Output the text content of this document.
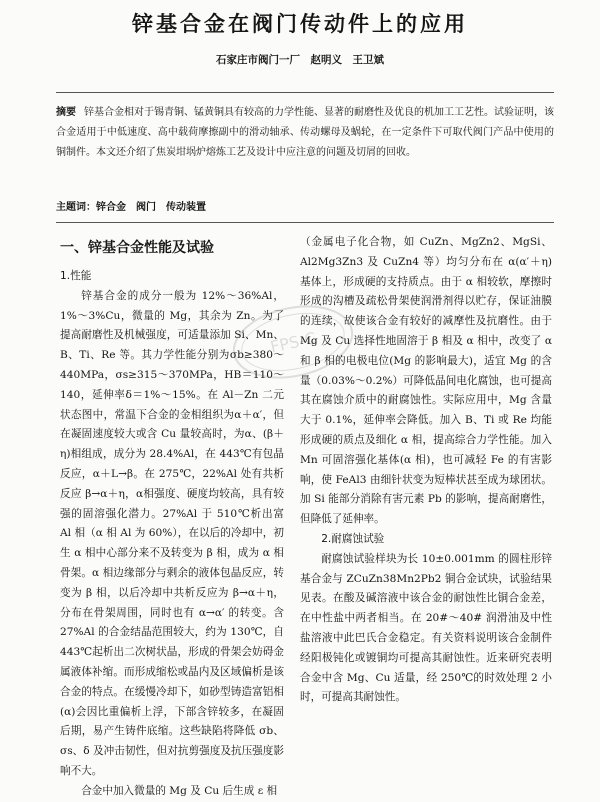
锌基合金在阀门传动件上的应用
石家庄市阀门一厂　赵明义　王卫斌
摘要 锌基合金相对于锡青铜、锰黄铜具有较高的力学性能、显著的耐磨性及优良的机加工工艺性。试验证明，该合金适用于中低速度、高中载荷摩擦副中的滑动轴承、传动螺母及蜗轮，在一定条件下可取代阀门产品中使用的铜制件。本文还介绍了焦炭坩埚炉熔炼工艺及设计中应注意的问题及切屑的回收。
主题词：锌合金　阀门　传动装置
FPS-C

一、锌基合金性能及试验

1.性能

锌基合金的成分一般为 12%～36%Al，1%～3%Cu，微量的 Mg，其余为 Zn。为了提高耐磨性及机械强度，可适量添加 Si、Mn、B、Ti、Re 等。其力学性能分别为σb≥380～440MPa，σs≥315～370MPa，HB＝110～140，延伸率δ＝1%～15%。在 Al－Zn 二元状态图中，常温下合金的金相组织为α＋α′，但在凝固速度较大或含 Cu 量较高时，为α、(β＋η)相组成，成分为 28.4%Al，在 443℃有包晶反应，α＋L→β。在 275℃，22%Al 处有共析反应 β→α＋η，α相强度、硬度均较高，具有较强的固溶强化潜力。27%Al 于 510℃析出富 Al 相（α 相 Al 为 60%），在以后的冷却中，初生 α 相中心部分来不及转变为 β 相，成为 α 相骨架。α 相边缘部分与剩余的液体包晶反应，转变为 β 相，以后冷却中共析反应为 β→α＋η，分布在骨架周围，同时也有 α→α′ 的转变。含 27%Al 的合金结晶范围较大，约为 130℃，自 443℃起析出二次树状晶，形成的骨架会妨碍金属液体补缩。而形成缩松或晶内及区域偏析是该合金的特点。在缓慢冷却下，如砂型铸造富铝相(α)会因比重偏析上浮，下部含锌较多，在凝固后期，易产生铸件底缩。这些缺陷将降低 σb、σs、δ 及冲击韧性，但对抗剪强度及抗压强度影响不大。

合金中加入微量的 Mg 及 Cu 后生成 ε 相

（金属电子化合物，如 CuZn、MgZn2、MgSi、Al2Mg3Zn3 及 CuZn4 等）均匀分布在 α(α′＋η) 基体上，形成硬的支持质点。由于 α 相较软，摩擦时形成的沟槽及疏松骨架使润滑剂得以贮存，保证油膜的连续，故使该合金有较好的减摩性及抗磨性。由于 Mg 及 Cu 选择性地固溶于 β 相及 α 相中，改变了 α 和 β 相的电极电位(Mg 的影响最大)，适宜 Mg 的含量（0.03%～0.2%）可降低晶间电化腐蚀，也可提高其在腐蚀介质中的耐腐蚀性。实际应用中，Mg 含量大于 0.1%，延伸率会降低。加入 B、Ti 或 Re 均能形成硬的质点及细化 α 相，提高综合力学性能。加入 Mn 可固溶强化基体(α 相)，也可减轻 Fe 的有害影响，使 FeAl3 由细针状变为短棒状甚至成为球团状。加 Si 能部分消除有害元素 Pb 的影响，提高耐磨性，但降低了延伸率。

2.耐腐蚀试验

耐腐蚀试验样块为长 10±0.001mm 的圆柱形锌基合金与 ZCuZn38Mn2Pb2 铜合金试块，试验结果见表。在酸及碱溶液中该合金的耐蚀性比铜合金差，在中性盐中两者相当。在 20#～40# 润滑油及中性盐溶液中此巴氏合金稳定。有关资料说明该合金制件经阳极钝化或镀铜均可提高其耐蚀性。近来研究表明合金中含 Mg、Cu 适量，经 250℃的时效处理 2 小时，可提高其耐蚀性。
